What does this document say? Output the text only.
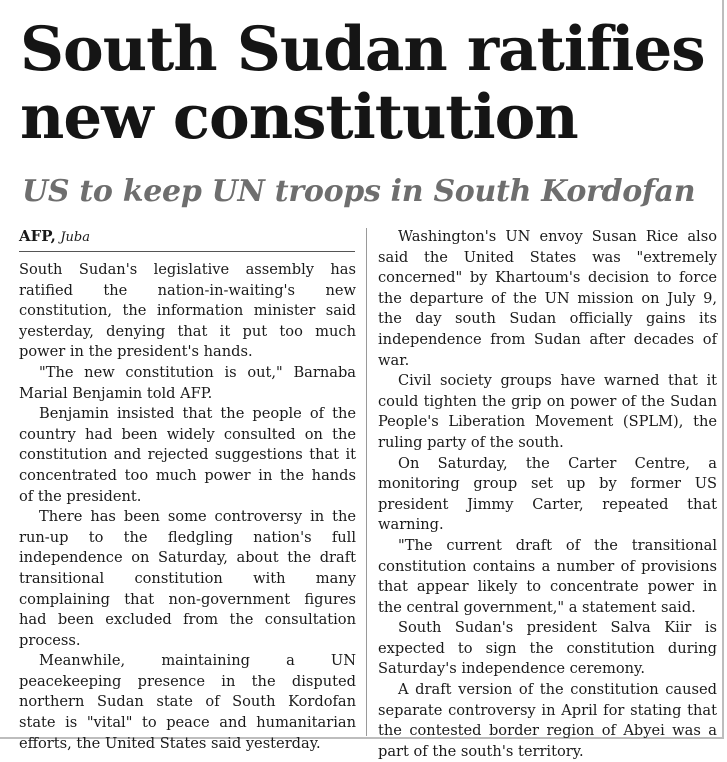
South Sudan ratifies new constitution
US to keep UN troops in South Kordofan
AFP, Juba

South Sudan's legislative assembly has ratified the nation-in-waiting's new constitution, the information minister said yesterday, denying that it put too much power in the president's hands.

"The new constitution is out," Barnaba Marial Benjamin told AFP.

Benjamin insisted that the people of the country had been widely consulted on the constitution and rejected suggestions that it concentrated too much power in the hands of the president.

There has been some controversy in the run-up to the fledgling nation's full independence on Saturday, about the draft transitional constitution with many complaining that non-government figures had been excluded from the consultation process.

Meanwhile, maintaining a UN peacekeeping presence in the disputed northern Sudan state of South Kordofan state is "vital" to peace and humanitarian efforts, the United States said yesterday.

Washington's UN envoy Susan Rice also said the United States was "extremely concerned" by Khartoum's decision to force the departure of the UN mission on July 9, the day south Sudan officially gains its independence from Sudan after decades of war.

Civil society groups have warned that it could tighten the grip on power of the Sudan People's Liberation Movement (SPLM), the ruling party of the south.

On Saturday, the Carter Centre, a monitoring group set up by former US president Jimmy Carter, repeated that warning.

"The current draft of the transitional constitution contains a number of provisions that appear likely to concentrate power in the central government," a statement said.

South Sudan's president Salva Kiir is expected to sign the constitution during Saturday's independence ceremony.

A draft version of the constitution caused separate controversy in April for stating that the contested border region of Abyei was a part of the south's territory.
